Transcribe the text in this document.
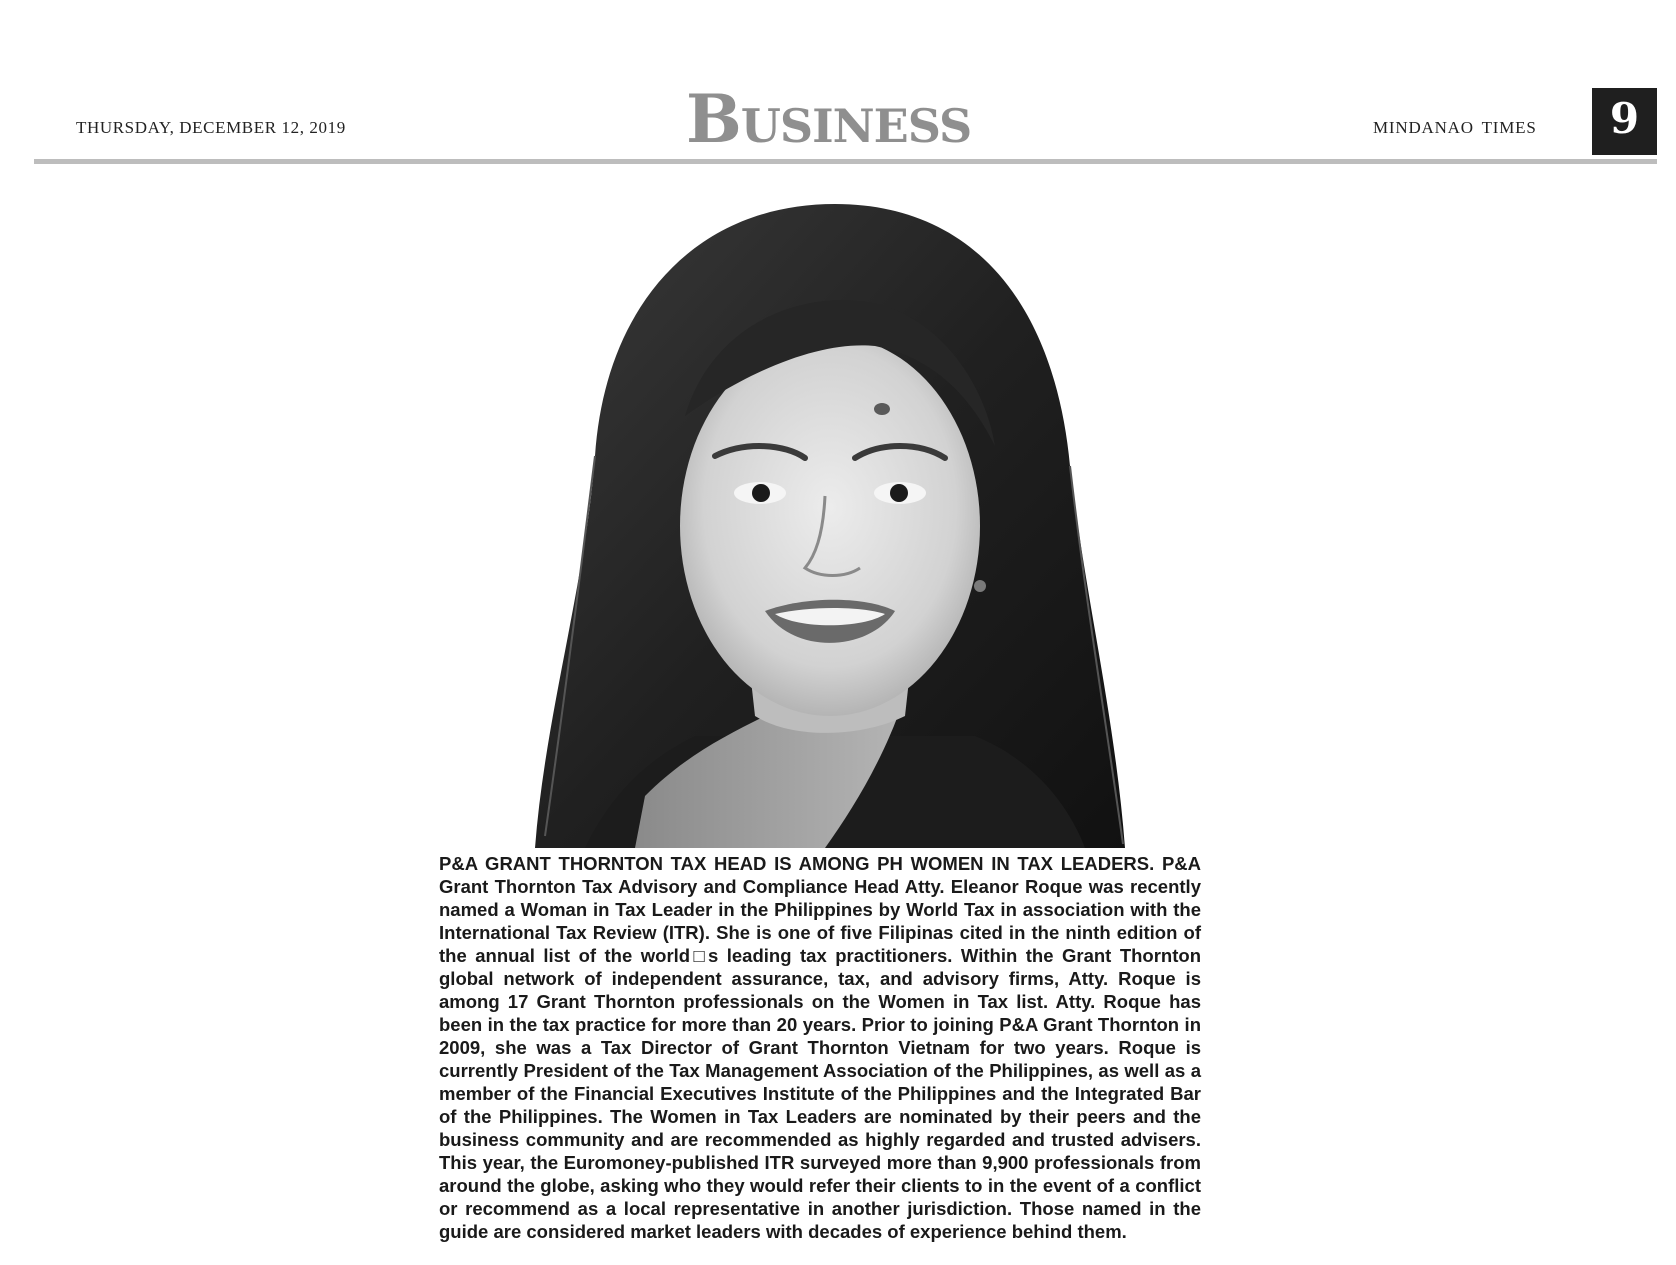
THURSDAY, DECEMBER 12, 2019	Business	MINDANAO TIMES	9
P&A GRANT THORNTON TAX HEAD IS AMONG PH WOMEN IN TAX LEADERS. P&A Grant Thornton Tax Advisory and Compliance Head Atty. Eleanor Roque was recently named a Woman in Tax Leader in the Philippines by World Tax in association with the International Tax Review (ITR). She is one of five Filipinas cited in the ninth edition of the annual list of the world□s leading tax practitioners. Within the Grant Thornton global network of independent assurance, tax, and advisory firms, Atty. Roque is among 17 Grant Thornton professionals on the Women in Tax list. Atty. Roque has been in the tax practice for more than 20 years. Prior to joining P&A Grant Thornton in 2009, she was a Tax Director of Grant Thornton Vietnam for two years. Roque is currently President of the Tax Management Association of the Philippines, as well as a member of the Financial Executives Institute of the Philippines and the Integrated Bar of the Philippines. The Women in Tax Leaders are nominated by their peers and the business community and are recommended as highly regarded and trusted advisers. This year, the Euromoney-published ITR surveyed more than 9,900 professionals from around the globe, asking who they would refer their clients to in the event of a conflict or recommend as a local representative in another jurisdiction. Those named in the guide are considered market leaders with decades of experience behind them.
